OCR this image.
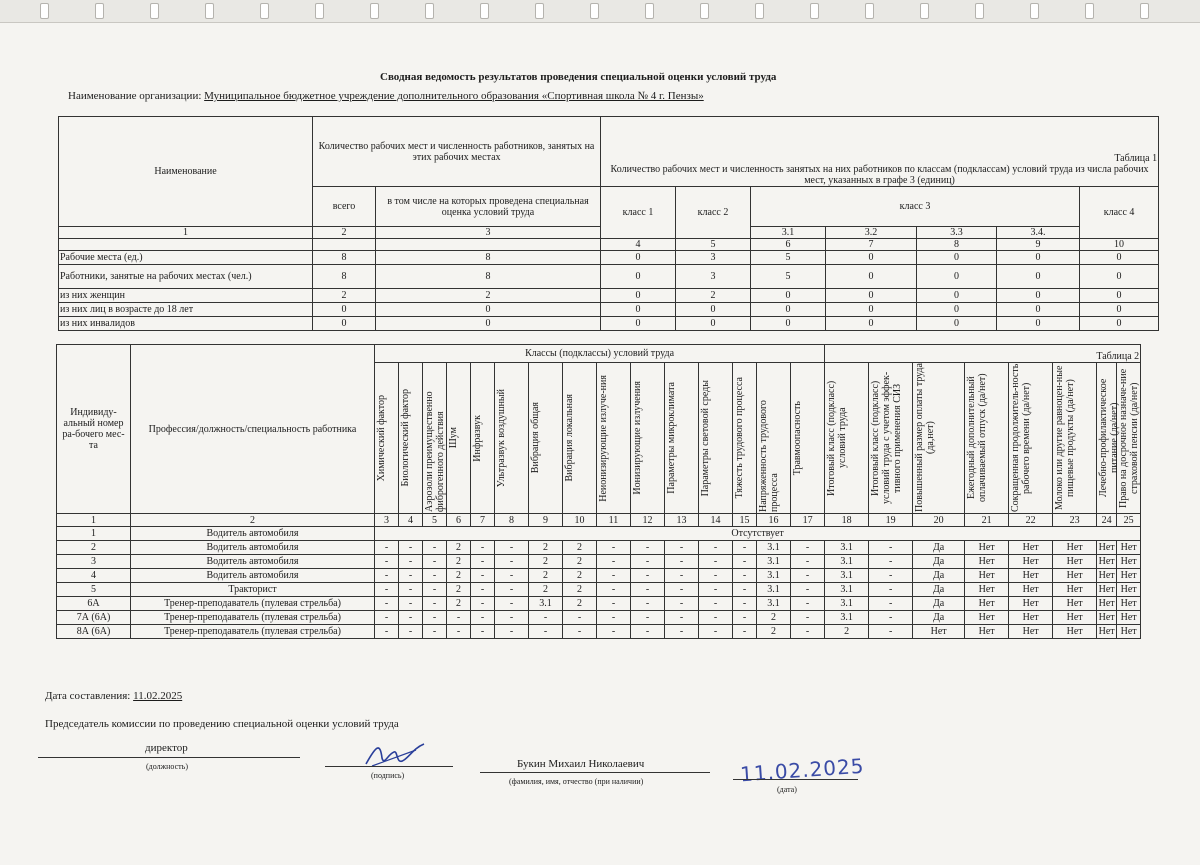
Сводная ведомость результатов проведения специальной оценки условий труда
Наименование организации: Муниципальное бюджетное учреждение дополнительного образования «Спортивная школа № 4 г. Пензы»
Наименование	Количество рабочих мест и численность работников, занятых на этих рабочих местах		Таблица 1
Количество рабочих мест и численность занятых на них работников по классам (подклассам) условий труда из числа рабочих мест, указанных в графе 3 (единиц)						

	всего	в том числе на которых проведена специальная оценка условий труда	класс 1	класс 2	класс 3				класс 4
1	2	3			3.1	3.2	3.3	3.4.	
			4	5	6	7	8	9	10
Рабочие места (ед.)	8	8	0	3	5	0	0	0	0
Работники, занятые на рабочих местах (чел.)	8	8	0	3	5	0	0	0	0
из них женщин	2	2	0	2	0	0	0	0	0
из них лиц в возрасте до 18 лет	0	0	0	0	0	0	0	0	0
из них инвалидов	0	0	0	0	0	0	0	0	0
Индивиду-альный номер ра-бочего мес-та	Профессия/должность/специальность работника	Классы (подклассы) условий труда															Таблица 2							

		Химический фактор	Биологический фактор	Аэрозоли преимущественно фиброгенного действия	Шум	Инфразвук	Ультразвук воздушный	Вибрация общая	Вибрация локальная	Неионизирующие излуче-ния	Ионизирующие излучения	Параметры микроклимата	Параметры световой среды	Тяжесть трудового процесса	Напряженность трудового процесса	Травмоопасность	Итоговый класс (подкласс) условий труда	Итоговый класс (подкласс) условий труда с учетом эффек-тивного применения СИЗ	Повышенный размер оплаты труда (да,нет)	Ежегодный дополнительный оплачиваемый отпуск (да/нет)	Сокращенная продолжитель-ность рабочего времени (да/нет)	Молоко или другие равноцен-ные пищевые продукты (да/нет)	Лечебно-профилактическое питание (да/нет)	Право на досрочное назначе-ние страховой пенсии (да/нет)

1	2	3	4	5	6	7	8	9	10	11	12	13	14	15	16	17	18	19	20	21	22	23	24	25
1	Водитель автомобиля	Отсутствует																						
2	Водитель автомобиля	-	-	-	2	-	-	2	2	-	-	-	-	-	3.1	-	3.1	-	Да	Нет	Нет	Нет	Нет	Нет
3	Водитель автомобиля	-	-	-	2	-	-	2	2	-	-	-	-	-	3.1	-	3.1	-	Да	Нет	Нет	Нет	Нет	Нет
4	Водитель автомобиля	-	-	-	2	-	-	2	2	-	-	-	-	-	3.1	-	3.1	-	Да	Нет	Нет	Нет	Нет	Нет
5	Тракторист	-	-	-	2	-	-	2	2	-	-	-	-	-	3.1	-	3.1	-	Да	Нет	Нет	Нет	Нет	Нет
6А	Тренер-преподаватель (пулевая стрельба)	-	-	-	2	-	-	3.1	2	-	-	-	-	-	3.1	-	3.1	-	Да	Нет	Нет	Нет	Нет	Нет
7А (6А)	Тренер-преподаватель (пулевая стрельба)	-	-	-	-	-	-	-	-	-	-	-	-	-	2	-	3.1	-	Да	Нет	Нет	Нет	Нет	Нет
8А (6А)	Тренер-преподаватель (пулевая стрельба)	-	-	-	-	-	-	-	-	-	-	-	-	-	2	-	2	-	Нет	Нет	Нет	Нет	Нет	Нет
Дата составления: 11.02.2025
Председатель комиссии по проведению специальной оценки условий труда
директор
(должность)
(подпись)
Букин Михаил Николаевич
(фамилия, имя, отчество (при наличии)	11.02.2025
(дата)
